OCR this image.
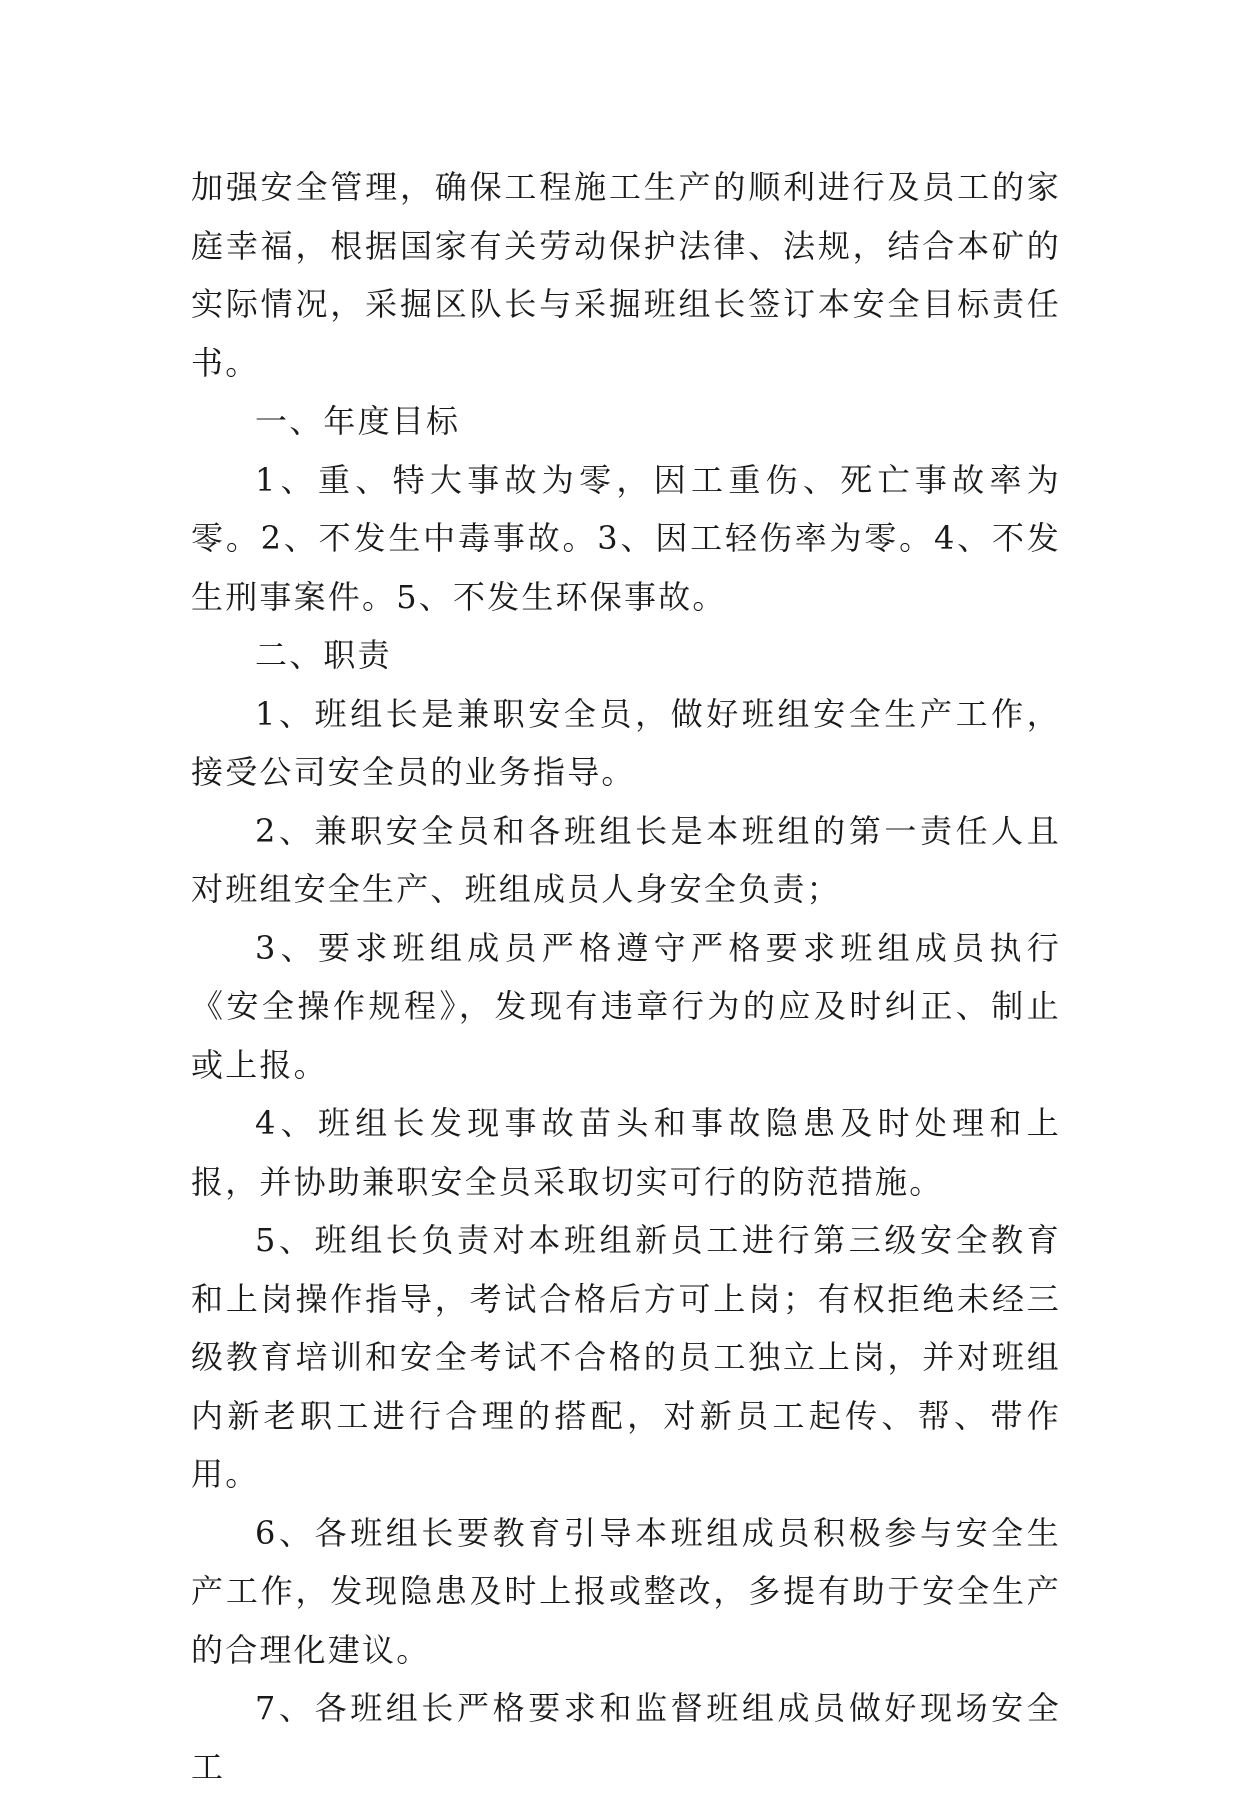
加强安全管理，确保工程施工生产的顺利进行及员工的家庭幸福，根据国家有关劳动保护法律、法规，结合本矿的实际情况，采掘区队长与采掘班组长签订本安全目标责任书。

一、年度目标

1、重、特大事故为零，因工重伤、死亡事故率为零。2、不发生中毒事故。3、因工轻伤率为零。4、不发生刑事案件。5、不发生环保事故。

二、职责

1、班组长是兼职安全员，做好班组安全生产工作，接受公司安全员的业务指导。

2、兼职安全员和各班组长是本班组的第一责任人且对班组安全生产、班组成员人身安全负责；

3、要求班组成员严格遵守严格要求班组成员执行《安全操作规程》，发现有违章行为的应及时纠正、制止或上报。

4、班组长发现事故苗头和事故隐患及时处理和上报，并协助兼职安全员采取切实可行的防范措施。

5、班组长负责对本班组新员工进行第三级安全教育和上岗操作指导，考试合格后方可上岗；有权拒绝未经三级教育培训和安全考试不合格的员工独立上岗，并对班组内新老职工进行合理的搭配，对新员工起传、帮、带作用。

6、各班组长要教育引导本班组成员积极参与安全生产工作，发现隐患及时上报或整改，多提有助于安全生产的合理化建议。

7、各班组长严格要求和监督班组成员做好现场安全工
